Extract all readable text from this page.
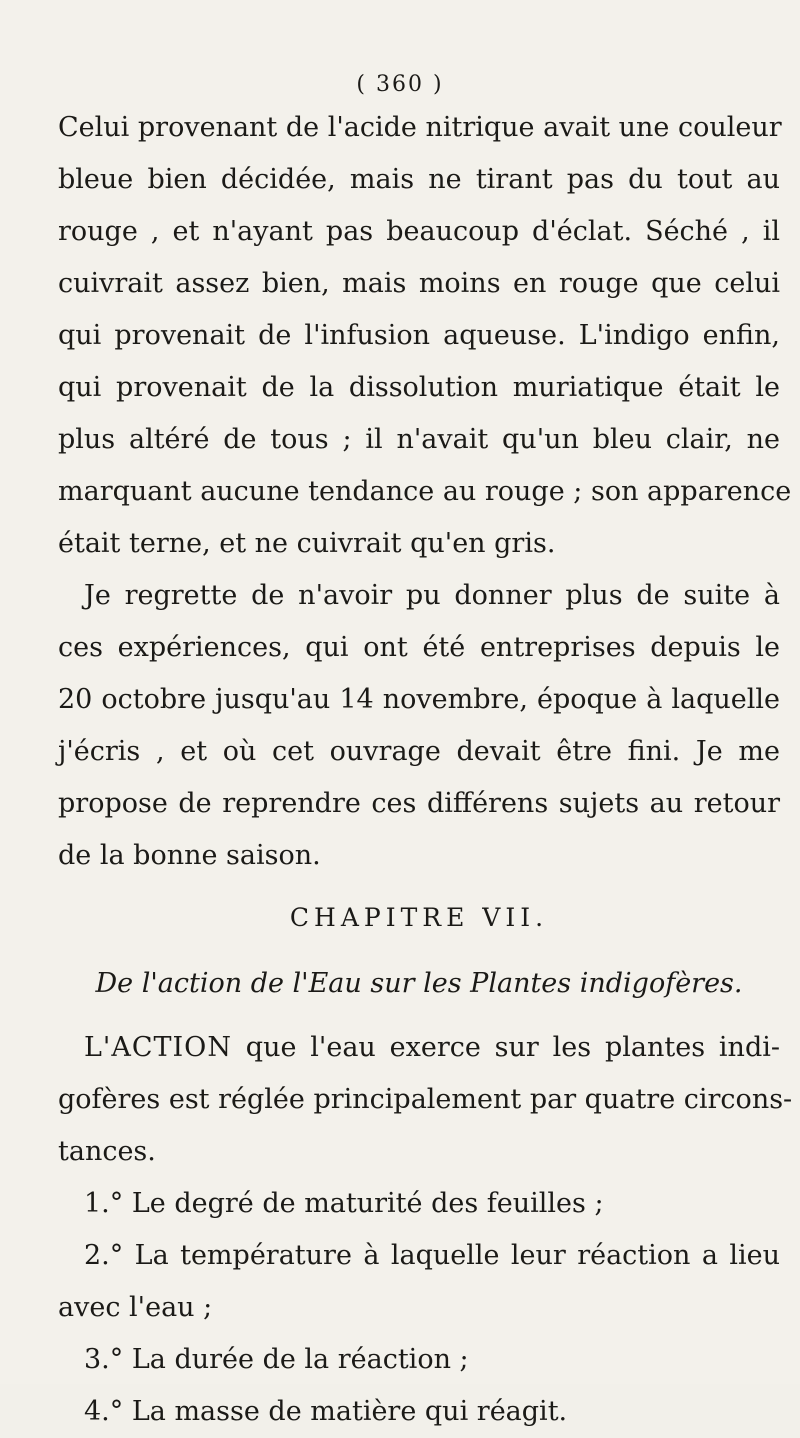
( 360 )
Celui provenant de l'acide nitrique avait une couleur
bleue bien décidée, mais ne tirant pas du tout au
rouge , et n'ayant pas beaucoup d'éclat. Séché , il
cuivrait assez bien, mais moins en rouge que celui
qui provenait de l'infusion aqueuse. L'indigo enfin,
qui provenait de la dissolution muriatique était le
plus altéré de tous ; il n'avait qu'un bleu clair, ne
marquant aucune tendance au rouge ; son apparence
était terne, et ne cuivrait qu'en gris.
Je regrette de n'avoir pu donner plus de suite à
ces expériences, qui ont été entreprises depuis le
20 octobre jusqu'au 14 novembre, époque à laquelle
j'écris , et où cet ouvrage devait être fini. Je me
propose de reprendre ces différens sujets au retour
de la bonne saison.
CHAPITRE VII.
De l'action de l'Eau sur les Plantes indigofères.
L'ACTION que l'eau exerce sur les plantes indi-
gofères est réglée principalement par quatre circons-
tances.
1.° Le degré de maturité des feuilles ;
2.° La température à laquelle leur réaction a lieu
avec l'eau ;
3.° La durée de la réaction ;
4.° La masse de matière qui réagit.
